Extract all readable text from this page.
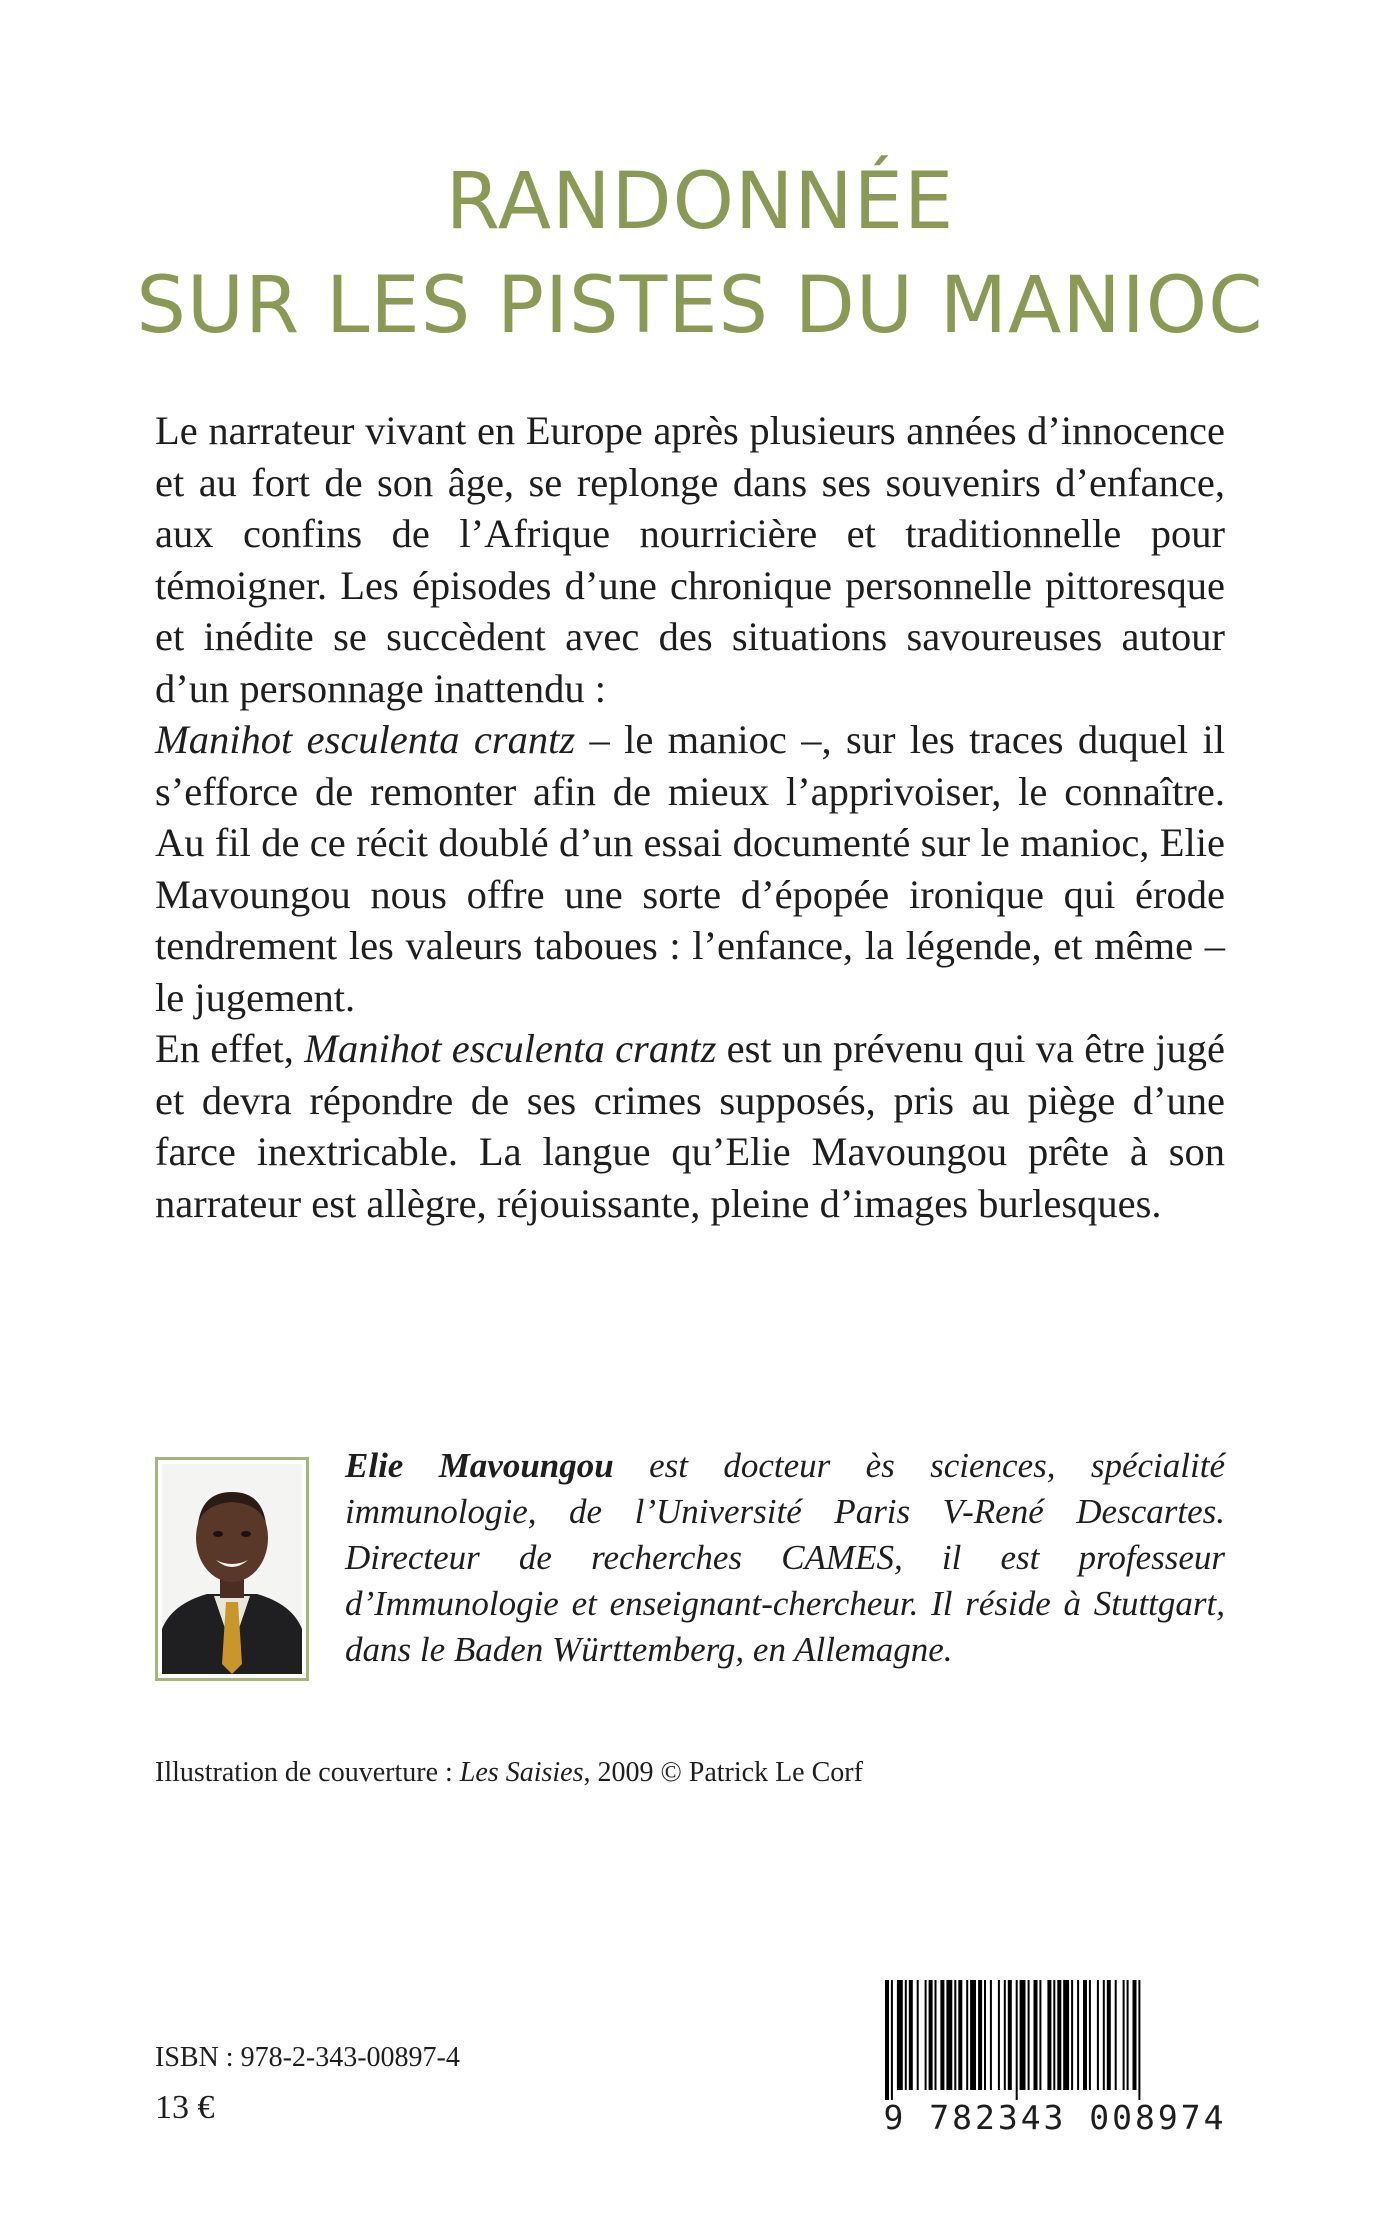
RANDONNÉE
SUR LES PISTES DU MANIOC

Le narrateur vivant en Europe après plusieurs années d’innocence et au fort de son âge, se replonge dans ses souvenirs d’enfance, aux confins de l’Afrique nourricière et traditionnelle pour témoigner. Les épisodes d’une chronique personnelle pittoresque et inédite se succèdent avec des situations savoureuses autour d’un personnage inattendu :
Manihot esculenta crantz – le manioc –, sur les traces duquel il s’efforce de remonter afin de mieux l’apprivoiser, le connaître. Au fil de ce récit doublé d’un essai documenté sur le manioc, Elie Mavoungou nous offre une sorte d’épopée ironique qui érode tendrement les valeurs taboues : l’enfance, la légende, et même – le jugement.

En effet, Manihot esculenta crantz est un prévenu qui va être jugé et devra répondre de ses crimes supposés, pris au piège d’une farce inextricable. La langue qu’Elie Mavoungou prête à son narrateur est allègre, réjouissante, pleine d’images burlesques.

Elie Mavoungou est docteur ès sciences, spécialité immunologie, de l’Université Paris V-René Descartes. Directeur de recherches CAMES, il est professeur d’Immunologie et enseignant-chercheur. Il réside à Stuttgart, dans le Baden Württemberg, en Allemagne.
Illustration de couverture : Les Saisies, 2009 © Patrick Le Corf
ISBN : 978-2-343-00897-4
13 €	9 782343 008974
